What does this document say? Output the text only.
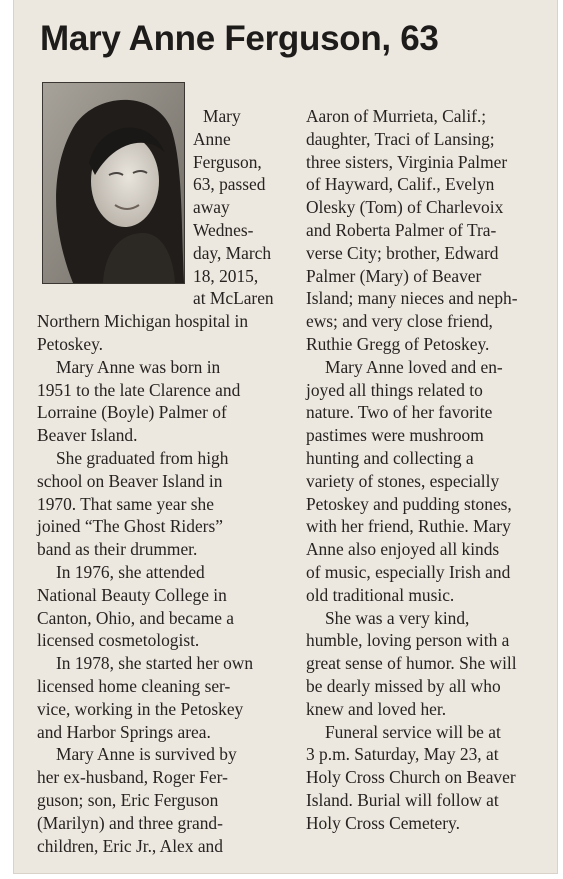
Mary Anne Ferguson, 63
Mary
Anne
Ferguson,
63, passed
away
Wednes-
day, March
18, 2015,
at McLaren
Northern Michigan hospital in
Petoskey.

Mary Anne was born in
1951 to the late Clarence and
Lorraine (Boyle) Palmer of
Beaver Island.

She graduated from high
school on Beaver Island in
1970. That same year she
joined “The Ghost Riders”
band as their drummer.

In 1976, she attended
National Beauty College in
Canton, Ohio, and became a
licensed cosmetologist.

In 1978, she started her own
licensed home cleaning ser-
vice, working in the Petoskey
and Harbor Springs area.

Mary Anne is survived by
her ex-husband, Roger Fer-
guson; son, Eric Ferguson
(Marilyn) and three grand-
children, Eric Jr., Alex and

Aaron of Murrieta, Calif.;
daughter, Traci of Lansing;
three sisters, Virginia Palmer
of Hayward, Calif., Evelyn
Olesky (Tom) of Charlevoix
and Roberta Palmer of Tra-
verse City; brother, Edward
Palmer (Mary) of Beaver
Island; many nieces and neph-
ews; and very close friend,
Ruthie Gregg of Petoskey.

Mary Anne loved and en-
joyed all things related to
nature. Two of her favorite
pastimes were mushroom
hunting and collecting a
variety of stones, especially
Petoskey and pudding stones,
with her friend, Ruthie. Mary
Anne also enjoyed all kinds
of music, especially Irish and
old traditional music.

She was a very kind,
humble, loving person with a
great sense of humor. She will
be dearly missed by all who
knew and loved her.

Funeral service will be at
3 p.m. Saturday, May 23, at
Holy Cross Church on Beaver
Island. Burial will follow at
Holy Cross Cemetery.
